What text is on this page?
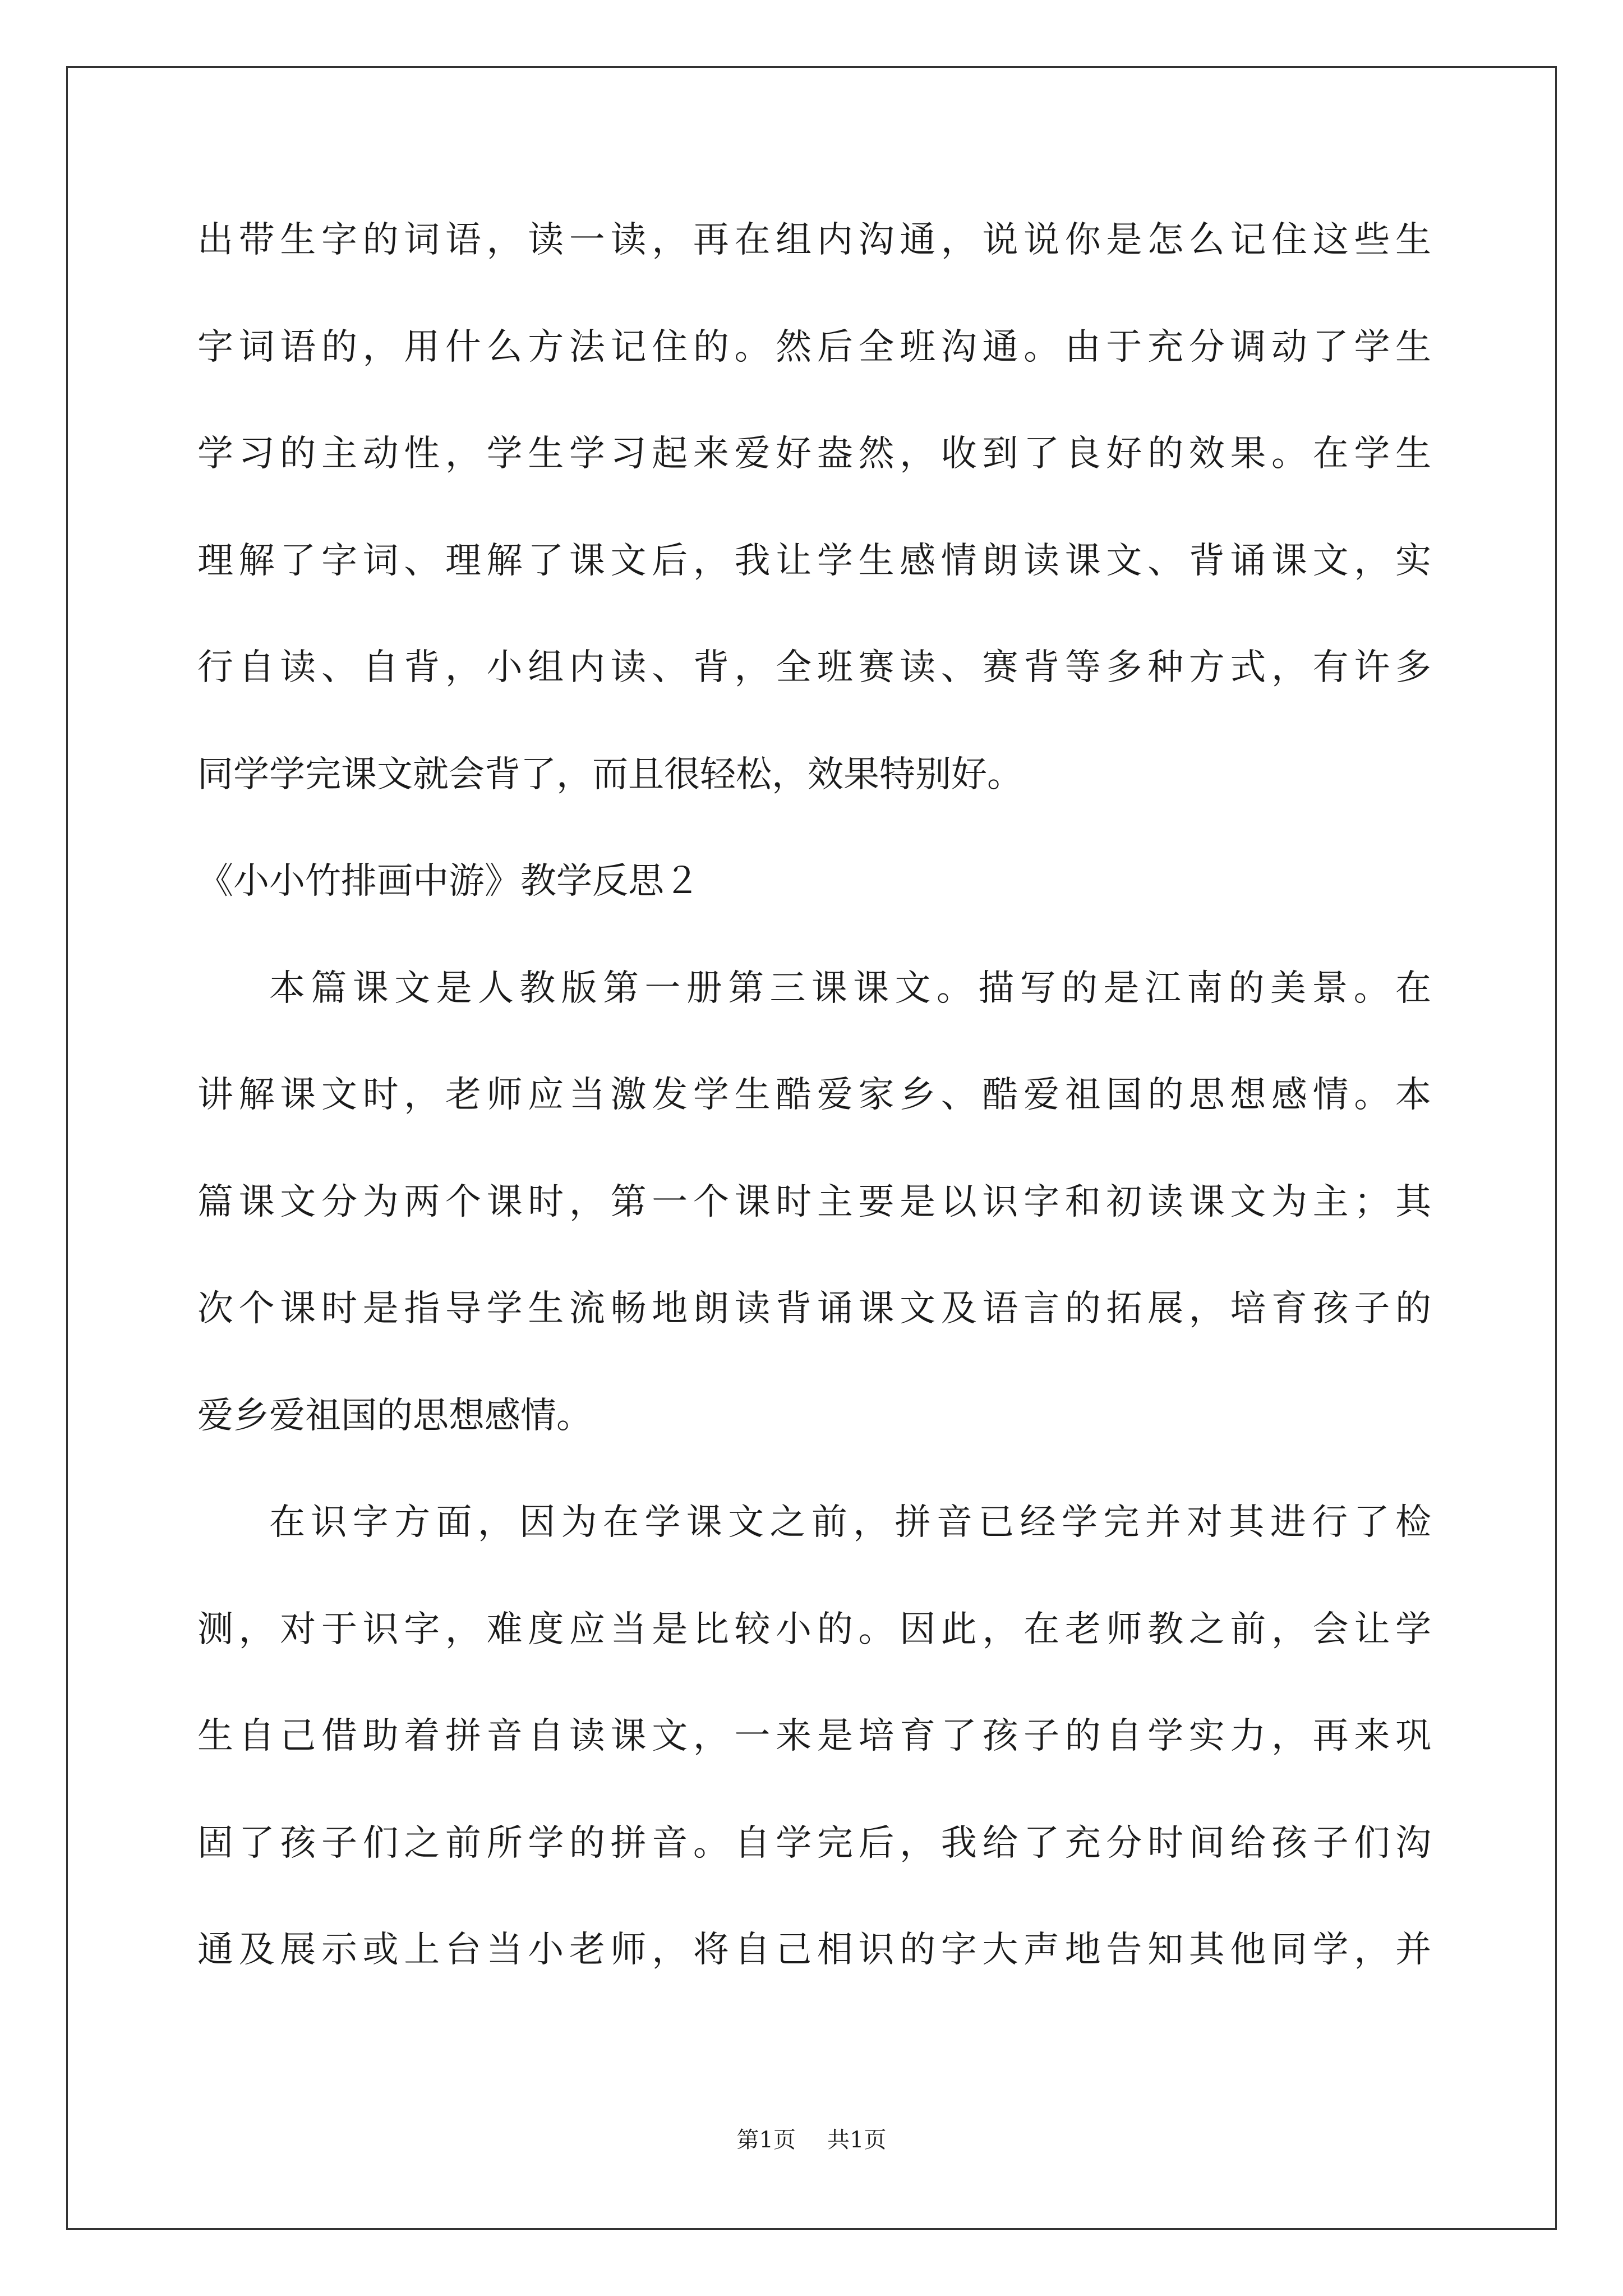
出带生字的词语，读一读，再在组内沟通，说说你是怎么记住这些生
字词语的，用什么方法记住的。然后全班沟通。由于充分调动了学生
学习的主动性，学生学习起来爱好盎然，收到了良好的效果。在学生
理解了字词、理解了课文后，我让学生感情朗读课文、背诵课文，实
行自读、自背，小组内读、背，全班赛读、赛背等多种方式，有许多
同学学完课文就会背了，而且很轻松，效果特别好。
《小小竹排画中游》教学反思２
本篇课文是人教版第一册第三课课文。描写的是江南的美景。在
讲解课文时，老师应当激发学生酷爱家乡、酷爱祖国的思想感情。本
篇课文分为两个课时，第一个课时主要是以识字和初读课文为主；其
次个课时是指导学生流畅地朗读背诵课文及语言的拓展，培育孩子的
爱乡爱祖国的思想感情。
在识字方面，因为在学课文之前，拼音已经学完并对其进行了检
测，对于识字，难度应当是比较小的。因此，在老师教之前，会让学
生自己借助着拼音自读课文，一来是培育了孩子的自学实力，再来巩
固了孩子们之前所学的拼音。自学完后，我给了充分时间给孩子们沟
通及展示或上台当小老师，将自己相识的字大声地告知其他同学，并
第1页 共1页
